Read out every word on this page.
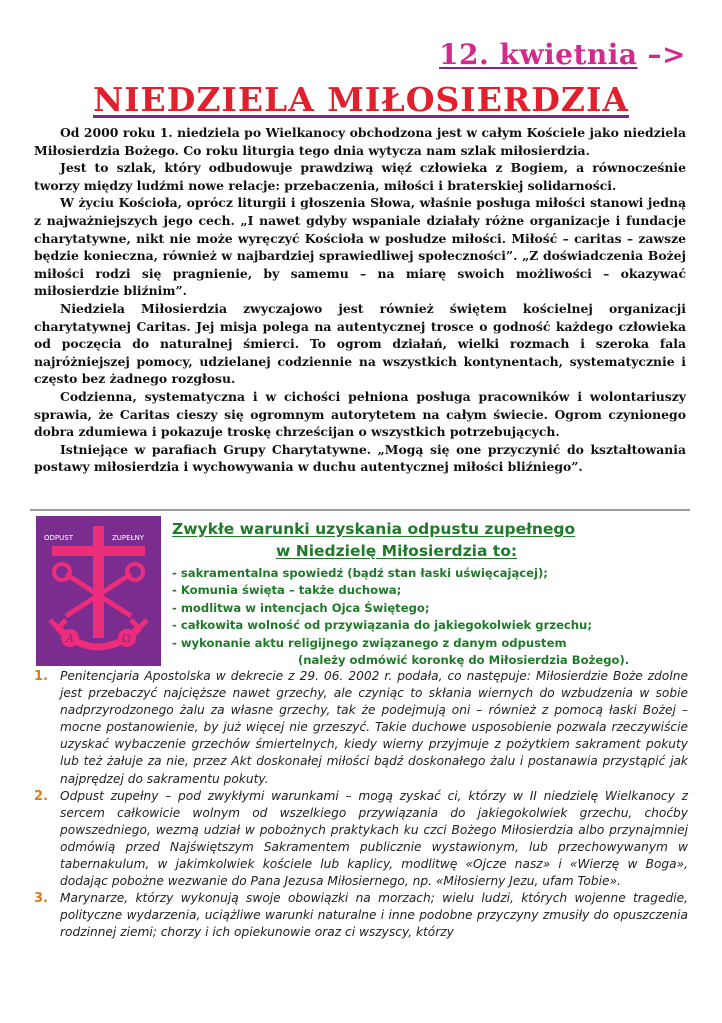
12. kwietnia –>
NIEDZIELA MIŁOSIERDZIA

Od 2000 roku 1. niedziela po Wielkanocy obchodzona jest w całym Kościele jako niedziela Miłosierdzia Bożego. Co roku liturgia tego dnia wytycza nam szlak miłosierdzia.

Jest to szlak, który odbudowuje prawdziwą więź człowieka z Bogiem, a równocześnie tworzy między ludźmi nowe relacje: przebaczenia, miłości i braterskiej solidarności.

W życiu Kościoła, oprócz liturgii i głoszenia Słowa, właśnie posługa miłości stanowi jedną z najważniejszych jego cech. „I nawet gdyby wspaniale działały różne organizacje i fundacje charytatywne, nikt nie może wyręczyć Kościoła w posłudze miłości. Miłość – caritas – zawsze będzie konieczna, również w najbardziej sprawiedliwej społeczności”. „Z doświadczenia Bożej miłości rodzi się pragnienie, by samemu – na miarę swoich możliwości – okazywać miłosierdzie bliźnim”.

Niedziela Miłosierdzia zwyczajowo jest również świętem kościelnej organizacji charytatywnej Caritas. Jej misja polega na autentycznej trosce o godność każdego człowieka od poczęcia do naturalnej śmierci. To ogrom działań, wielki rozmach i szeroka fala najróżniejszej pomocy, udzielanej codziennie na wszystkich kontynentach, systematycznie i często bez żadnego rozgłosu.

Codzienna, systematyczna i w cichości pełniona posługa pracowników i wolontariuszy sprawia, że Caritas cieszy się ogromnym autorytetem na całym świecie. Ogrom czynionego dobra zdumiewa i pokazuje troskę chrześcijan o wszystkich potrzebujących.

Istniejące w parafiach Grupy Charytatywne. „Mogą się one przyczynić do kształtowania postawy miłosierdzia i wychowywania w duchu autentycznej miłości bliźniego”.

ODPUST	ZUPEŁNY
A	Ω
Zwykłe warunki uzyskania odpustu zupełnego
w Niedzielę Miłosierdzia to:
- sakramentalna spowiedź (bądź stan łaski uświęcającej);
- Komunia święta – także duchowa;
- modlitwa w intencjach Ojca Świętego;
- całkowita wolność od przywiązania do jakiegokolwiek grzechu;
- wykonanie aktu religijnego związanego z danym odpustem
(należy odmówić koronkę do Miłosierdzia Bożego).
1. Penitencjaria Apostolska w dekrecie z 29. 06. 2002 r. podała, co następuje: Miłosierdzie Boże zdolne jest przebaczyć najcięższe nawet grzechy, ale czyniąc to skłania wiernych do wzbudzenia w sobie nadprzyrodzonego żalu za własne grzechy, tak że podejmują oni – również z pomocą łaski Bożej – mocne postanowienie, by już więcej nie grzeszyć. Takie duchowe usposobienie pozwala rzeczywiście uzyskać wybaczenie grzechów śmiertelnych, kiedy wierny przyjmuje z pożytkiem sakrament pokuty lub też żałuje za nie, przez Akt doskonałej miłości bądź doskonałego żalu i postanawia przystąpić jak najprędzej do sakramentu pokuty.
2. Odpust zupełny – pod zwykłymi warunkami – mogą zyskać ci, którzy w II niedzielę Wielkanocy z sercem całkowicie wolnym od wszelkiego przywiązania do jakiegokolwiek grzechu, choćby powszedniego, wezmą udział w pobożnych praktykach ku czci Bożego Miłosierdzia albo przynajmniej odmówią przed Najświętszym Sakramentem publicznie wystawionym, lub przechowywanym w tabernakulum, w jakimkolwiek kościele lub kaplicy, modlitwę «Ojcze nasz» i «Wierzę w Boga», dodając pobożne wezwanie do Pana Jezusa Miłosiernego, np. «Miłosierny Jezu, ufam Tobie».
3. Marynarze, którzy wykonują swoje obowiązki na morzach; wielu ludzi, których wojenne tragedie, polityczne wydarzenia, uciążliwe warunki naturalne i inne podobne przyczyny zmusiły do opuszczenia rodzinnej ziemi; chorzy i ich opiekunowie oraz ci wszyscy, którzy
